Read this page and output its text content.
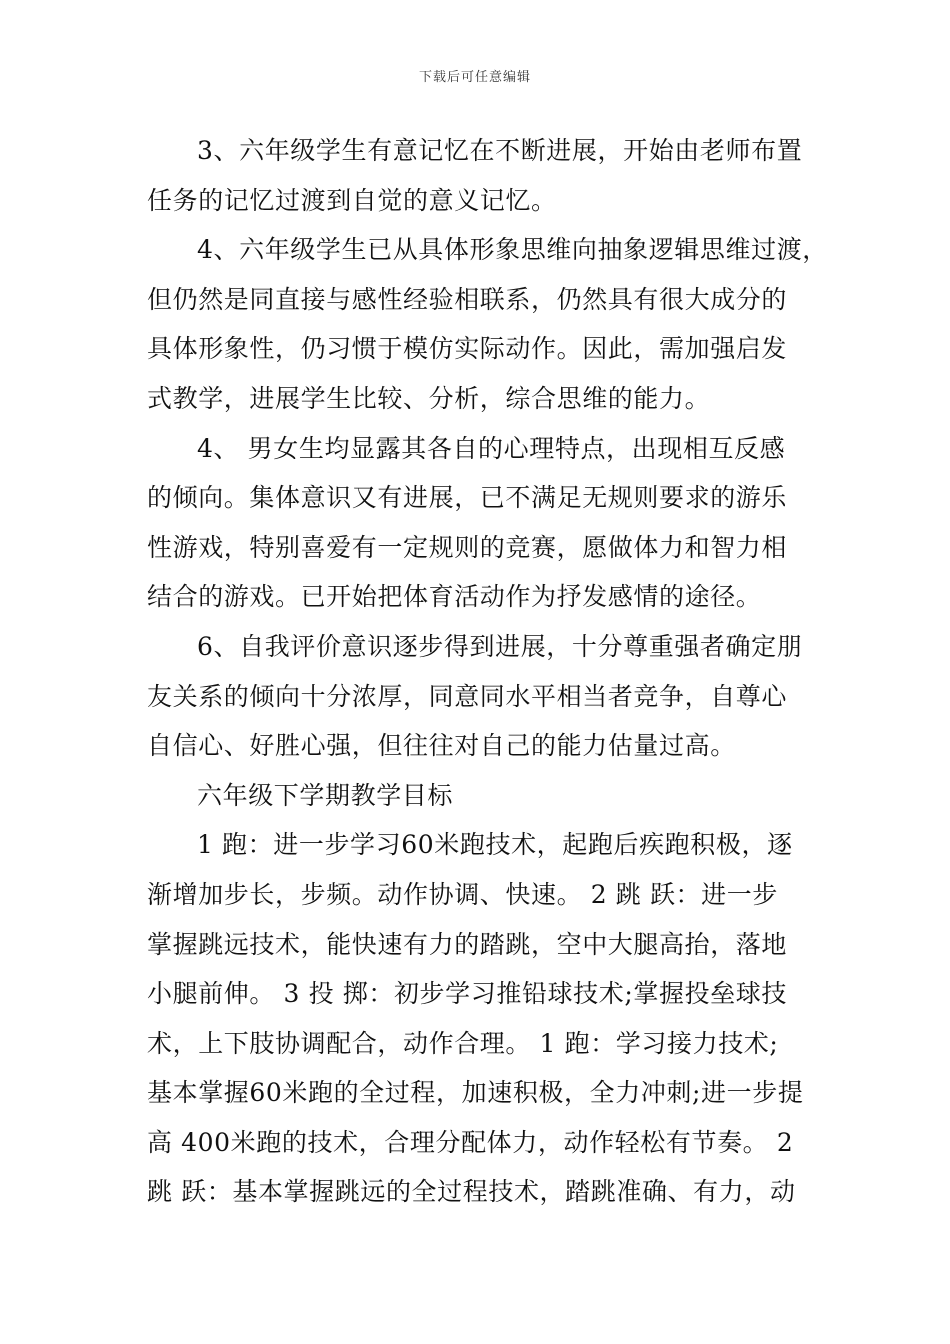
下载后可任意编辑
3、六年级学生有意记忆在不断进展，开始由老师布置
任务的记忆过渡到自觉的意义记忆。
4、六年级学生已从具体形象思维向抽象逻辑思维过渡，
但仍然是同直接与感性经验相联系，仍然具有很大成分的
具体形象性，仍习惯于模仿实际动作。因此，需加强启发
式教学，进展学生比较、分析，综合思维的能力。
4、 男女生均显露其各自的心理特点，出现相互反感
的倾向。集体意识又有进展，已不满足无规则要求的游乐
性游戏，特别喜爱有一定规则的竞赛，愿做体力和智力相
结合的游戏。已开始把体育活动作为抒发感情的途径。
6、自我评价意识逐步得到进展，十分尊重强者确定朋
友关系的倾向十分浓厚，同意同水平相当者竞争，自尊心
自信心、好胜心强，但往往对自己的能力估量过高。
六年级下学期教学目标
1 跑：进一步学习60米跑技术，起跑后疾跑积极，逐
渐增加步长，步频。动作协调、快速。 2 跳 跃：进一步
掌握跳远技术，能快速有力的踏跳，空中大腿高抬，落地
小腿前伸。 3 投 掷：初步学习推铅球技术;掌握投垒球技
术，上下肢协调配合，动作合理。 1 跑：学习接力技术;
基本掌握60米跑的全过程，加速积极，全力冲刺;进一步提
高 400米跑的技术，合理分配体力，动作轻松有节奏。 2
跳 跃：基本掌握跳远的全过程技术，踏跳准确、有力，动
